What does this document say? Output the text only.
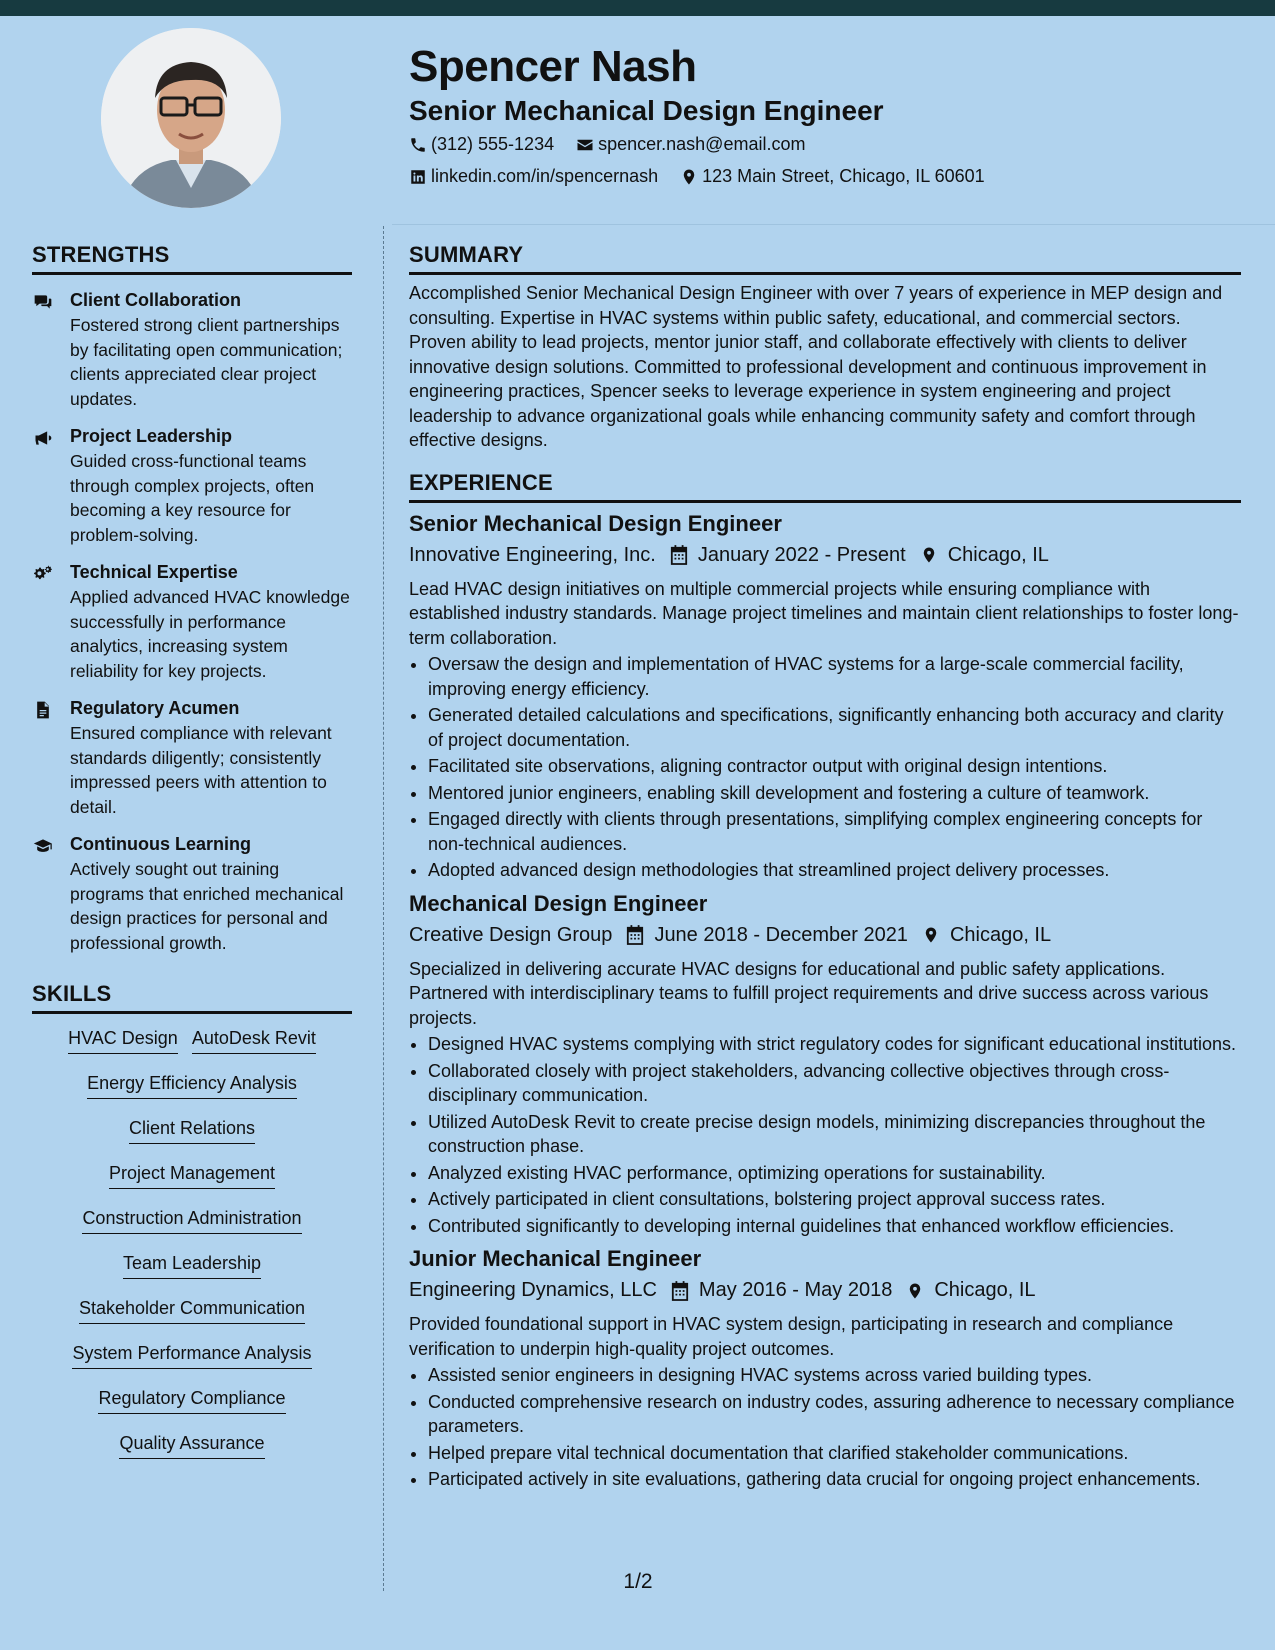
Spencer Nash
Senior Mechanical Design Engineer
(312) 555-1234 spencer.nash@email.com
linkedin.com/in/spencernash 123 Main Street, Chicago, IL 60601
STRENGTHS

Client Collaboration

Fostered strong client partnerships by facilitating open communication; clients appreciated clear project updates.

Project Leadership

Guided cross-functional teams through complex projects, often becoming a key resource for problem-solving.

Technical Expertise

Applied advanced HVAC knowledge successfully in performance analytics, increasing system reliability for key projects.

Regulatory Acumen

Ensured compliance with relevant standards diligently; consistently impressed peers with attention to detail.

Continuous Learning

Actively sought out training programs that enriched mechanical design practices for personal and professional growth.

SKILLS
HVAC Design AutoDesk Revit
Energy Efficiency Analysis
Client Relations
Project Management
Construction Administration
Team Leadership
Stakeholder Communication
System Performance Analysis
Regulatory Compliance
Quality Assurance
SUMMARY

Accomplished Senior Mechanical Design Engineer with over 7 years of experience in MEP design and consulting. Expertise in HVAC systems within public safety, educational, and commercial sectors. Proven ability to lead projects, mentor junior staff, and collaborate effectively with clients to deliver innovative design solutions. Committed to professional development and continuous improvement in engineering practices, Spencer seeks to leverage experience in system engineering and project leadership to advance organizational goals while enhancing community safety and comfort through effective designs.

EXPERIENCE

Senior Mechanical Design Engineer

Innovative Engineering, Inc. January 2022 - Present Chicago, IL

Lead HVAC design initiatives on multiple commercial projects while ensuring compliance with established industry standards. Manage project timelines and maintain client relationships to foster long-term collaboration.

• Oversaw the design and implementation of HVAC systems for a large-scale commercial facility, improving energy efficiency.
• Generated detailed calculations and specifications, significantly enhancing both accuracy and clarity of project documentation.
• Facilitated site observations, aligning contractor output with original design intentions.
• Mentored junior engineers, enabling skill development and fostering a culture of teamwork.
• Engaged directly with clients through presentations, simplifying complex engineering concepts for non-technical audiences.
• Adopted advanced design methodologies that streamlined project delivery processes.

Mechanical Design Engineer

Creative Design Group June 2018 - December 2021 Chicago, IL

Specialized in delivering accurate HVAC designs for educational and public safety applications. Partnered with interdisciplinary teams to fulfill project requirements and drive success across various projects.

• Designed HVAC systems complying with strict regulatory codes for significant educational institutions.
• Collaborated closely with project stakeholders, advancing collective objectives through cross-disciplinary communication.
• Utilized AutoDesk Revit to create precise design models, minimizing discrepancies throughout the construction phase.
• Analyzed existing HVAC performance, optimizing operations for sustainability.
• Actively participated in client consultations, bolstering project approval success rates.
• Contributed significantly to developing internal guidelines that enhanced workflow efficiencies.

Junior Mechanical Engineer

Engineering Dynamics, LLC May 2016 - May 2018 Chicago, IL

Provided foundational support in HVAC system design, participating in research and compliance verification to underpin high-quality project outcomes.

• Assisted senior engineers in designing HVAC systems across varied building types.
• Conducted comprehensive research on industry codes, assuring adherence to necessary compliance parameters.
• Helped prepare vital technical documentation that clarified stakeholder communications.
• Participated actively in site evaluations, gathering data crucial for ongoing project enhancements.
1/2
